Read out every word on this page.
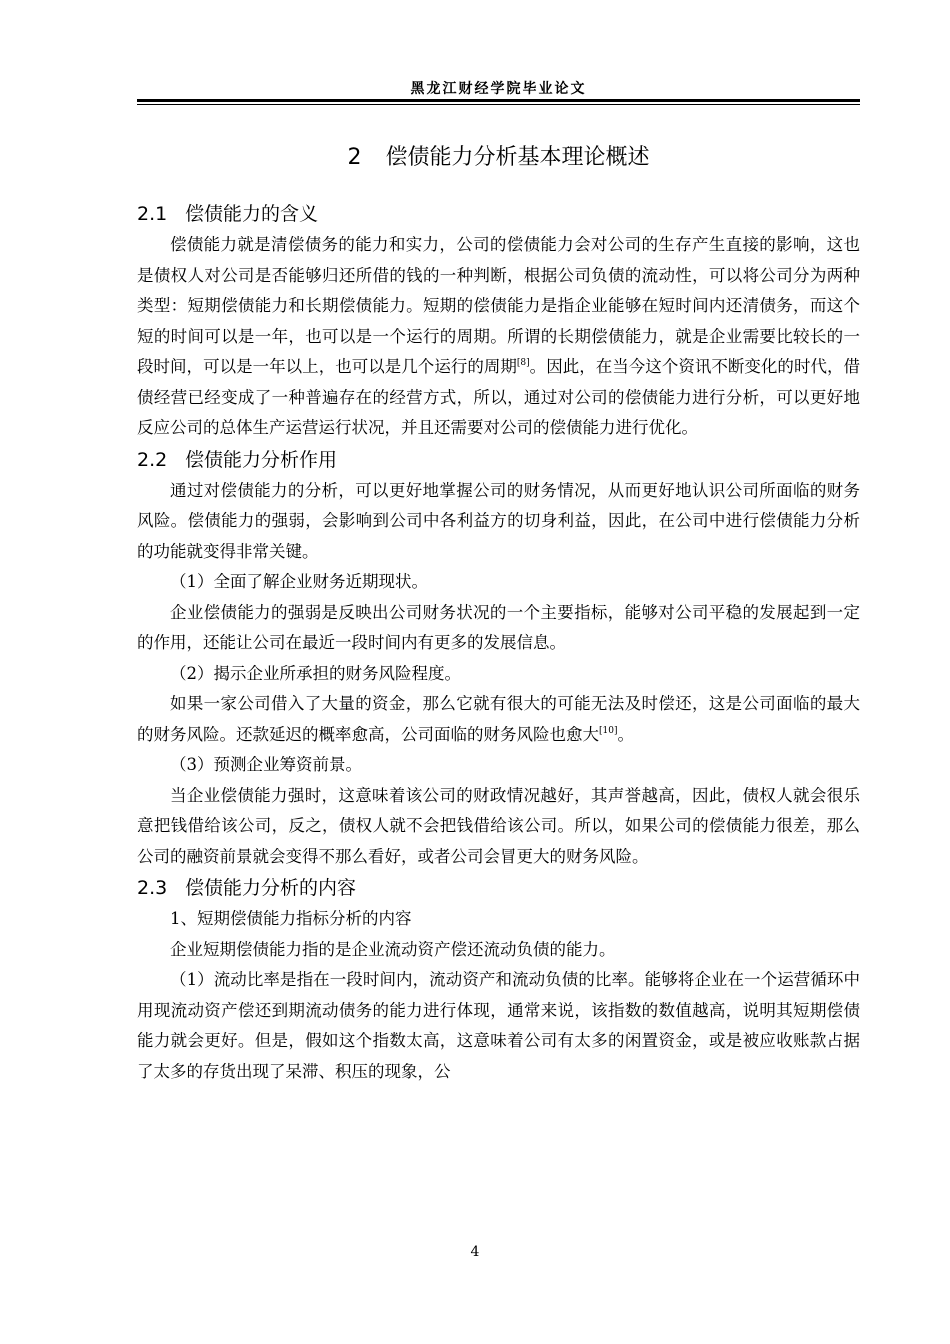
黑龙江财经学院毕业论文
2 偿债能力分析基本理论概述
2.1 偿债能力的含义

偿债能力就是清偿债务的能力和实力，公司的偿债能力会对公司的生存产生直接的影响，这也是债权人对公司是否能够归还所借的钱的一种判断，根据公司负债的流动性，可以将公司分为两种类型：短期偿债能力和长期偿债能力。短期的偿债能力是指企业能够在短时间内还清债务，而这个短的时间可以是一年，也可以是一个运行的周期。所谓的长期偿债能力，就是企业需要比较长的一段时间，可以是一年以上，也可以是几个运行的周期[8]。因此，在当今这个资讯不断变化的时代，借债经营已经变成了一种普遍存在的经营方式，所以，通过对公司的偿债能力进行分析，可以更好地反应公司的总体生产运营运行状况，并且还需要对公司的偿债能力进行优化。

2.2 偿债能力分析作用

通过对偿债能力的分析，可以更好地掌握公司的财务情况，从而更好地认识公司所面临的财务风险。偿债能力的强弱，会影响到公司中各利益方的切身利益，因此，在公司中进行偿债能力分析的功能就变得非常关键。

（1）全面了解企业财务近期现状。

企业偿债能力的强弱是反映出公司财务状况的一个主要指标，能够对公司平稳的发展起到一定的作用，还能让公司在最近一段时间内有更多的发展信息。

（2）揭示企业所承担的财务风险程度。

如果一家公司借入了大量的资金，那么它就有很大的可能无法及时偿还，这是公司面临的最大的财务风险。还款延迟的概率愈高，公司面临的财务风险也愈大[10]。

（3）预测企业筹资前景。

当企业偿债能力强时，这意味着该公司的财政情况越好，其声誉越高，因此，债权人就会很乐意把钱借给该公司，反之，债权人就不会把钱借给该公司。所以，如果公司的偿债能力很差，那么公司的融资前景就会变得不那么看好，或者公司会冒更大的财务风险。

2.3 偿债能力分析的内容

1、短期偿债能力指标分析的内容

企业短期偿债能力指的是企业流动资产偿还流动负债的能力。

（1）流动比率是指在一段时间内，流动资产和流动负债的比率。能够将企业在一个运营循环中用现流动资产偿还到期流动债务的能力进行体现，通常来说，该指数的数值越高，说明其短期偿债能力就会更好。但是，假如这个指数太高，这意味着公司有太多的闲置资金，或是被应收账款占据了太多的存货出现了呆滞、积压的现象，公

4
